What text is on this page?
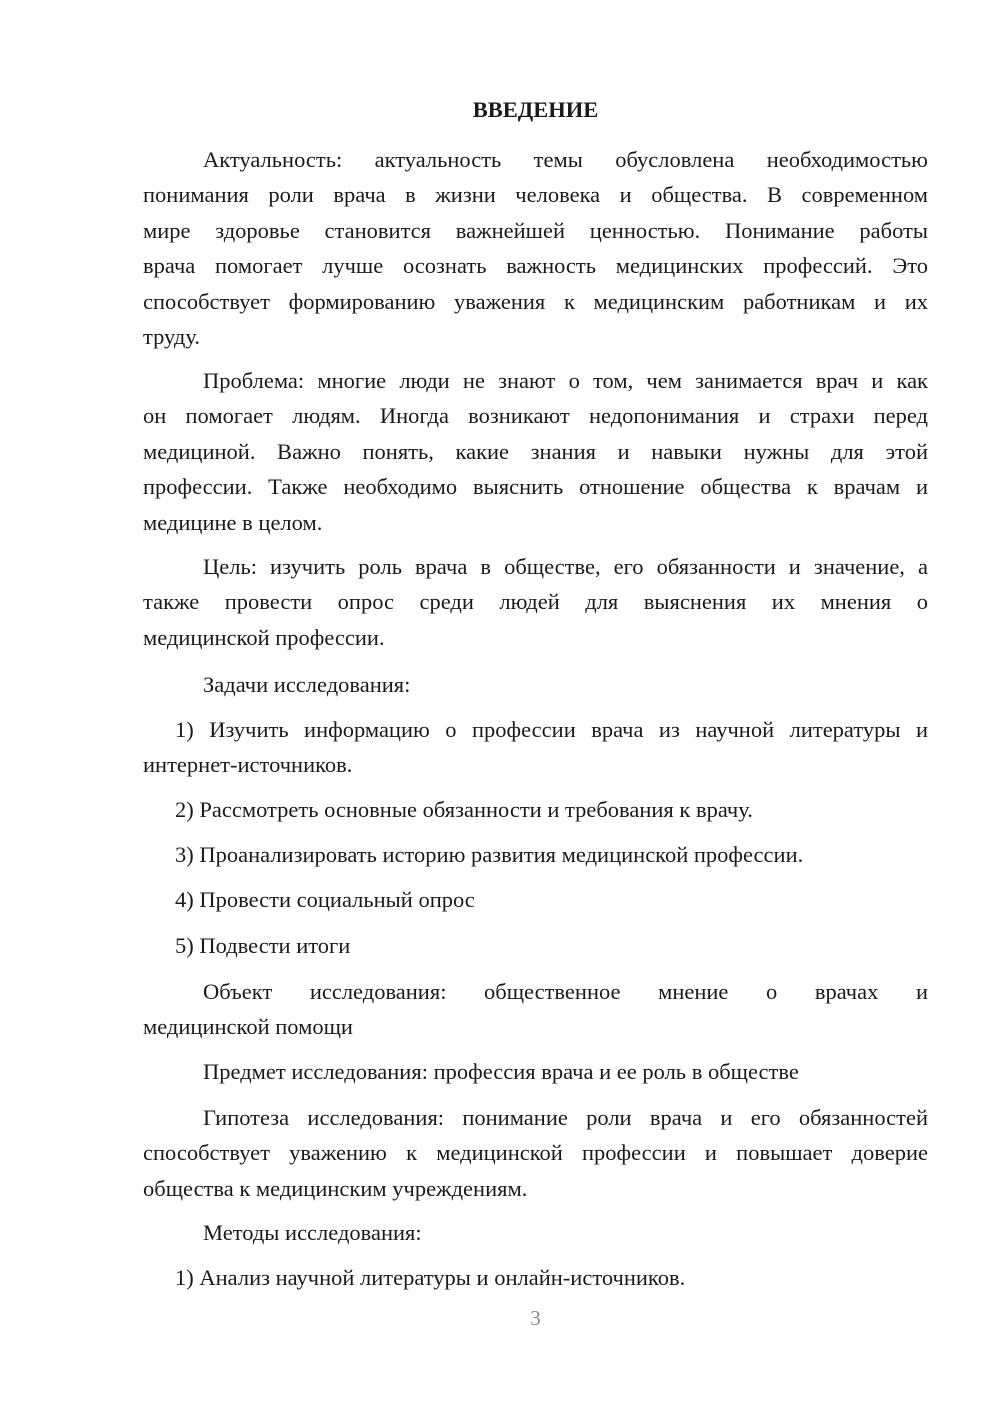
ВВЕДЕНИЕ
Актуальность: актуальность темы обусловлена необходимостью
понимания роли врача в жизни человека и общества. В современном
мире здоровье становится важнейшей ценностью. Понимание работы
врача помогает лучше осознать важность медицинских профессий. Это
способствует формированию уважения к медицинским работникам и их
труду.
Проблема: многие люди не знают о том, чем занимается врач и как
он помогает людям. Иногда возникают недопонимания и страхи перед
медициной. Важно понять, какие знания и навыки нужны для этой
профессии. Также необходимо выяснить отношение общества к врачам и
медицине в целом.
Цель: изучить роль врача в обществе, его обязанности и значение, а
также провести опрос среди людей для выяснения их мнения о
медицинской профессии.
Задачи исследования:
1) Изучить информацию о профессии врача из научной литературы и
интернет-источников.
2) Рассмотреть основные обязанности и требования к врачу.
3) Проанализировать историю развития медицинской профессии.
4) Провести социальный опрос
5) Подвести итоги
Объект исследования: общественное мнение о врачах и
медицинской помощи
Предмет исследования: профессия врача и ее роль в обществе
Гипотеза исследования: понимание роли врача и его обязанностей
способствует уважению к медицинской профессии и повышает доверие
общества к медицинским учреждениям.
Методы исследования:
1) Анализ научной литературы и онлайн-источников.
3
